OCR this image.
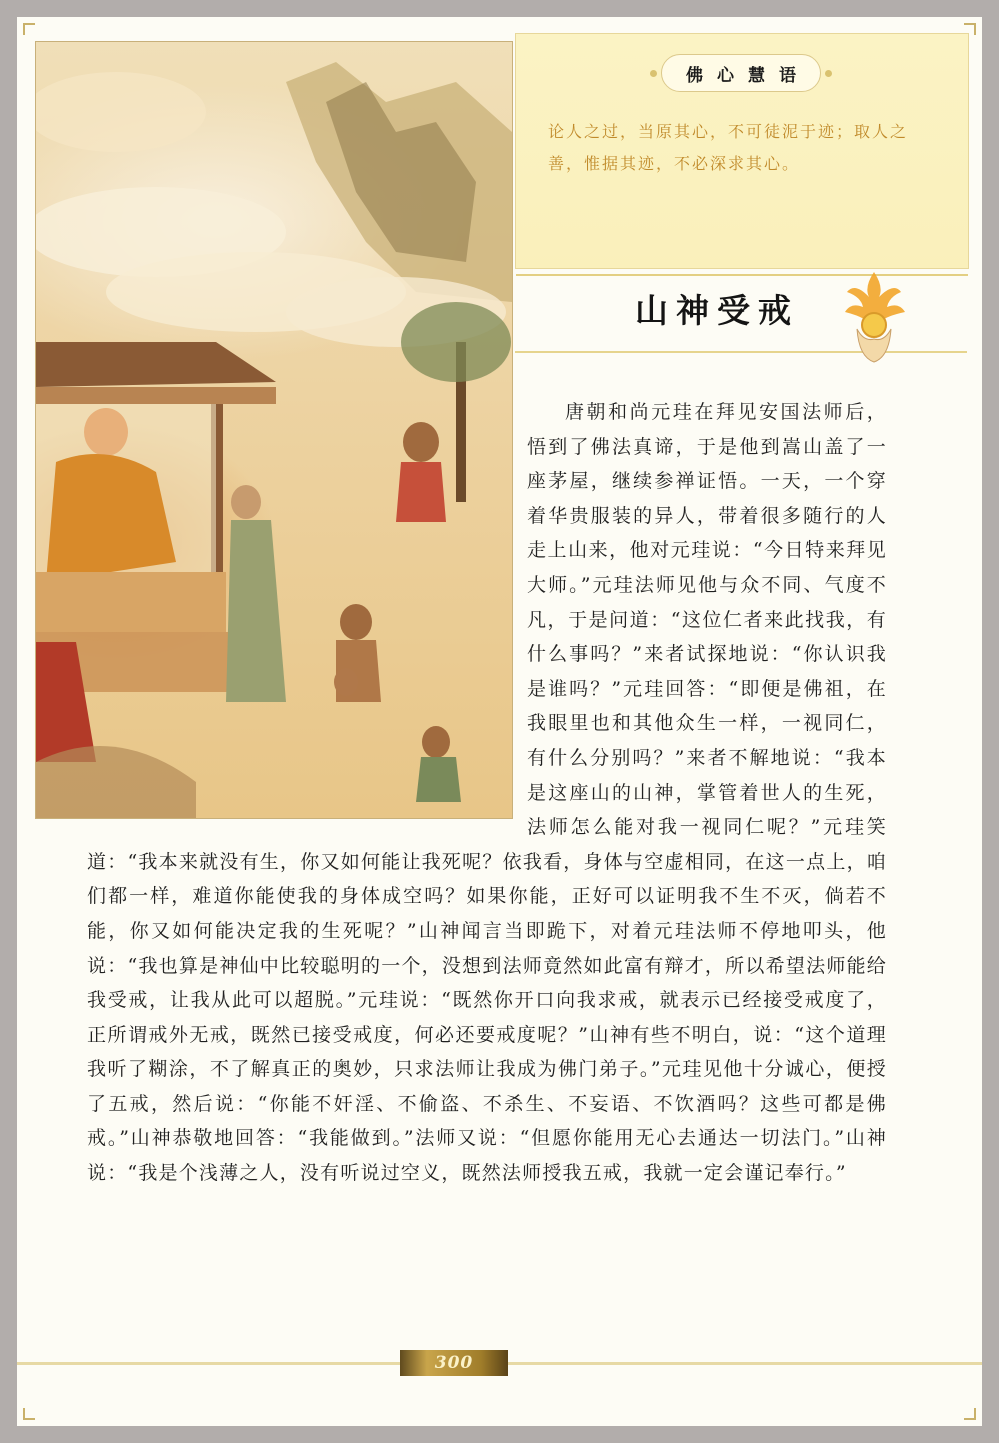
佛心慧语
论人之过，当原其心，不可徒泥于迹；取人之善，惟据其迹，不必深求其心。
山神受戒

唐朝和尚元珪在拜见安国法师后，悟到了佛法真谛，于是他到嵩山盖了一座茅屋，继续参禅证悟。一天，一个穿着华贵服装的异人，带着很多随行的人走上山来，他对元珪说：“今日特来拜见大师。”元珪法师见他与众不同、气度不凡，于是问道：“这位仁者来此找我，有什么事吗？”来者试探地说：“你认识我是谁吗？”元珪回答：“即便是佛祖，在我眼里也和其他众生一样，一视同仁，有什么分别吗？”来者不解地说：“我本是这座山的山神，掌管着世人的生死，法师怎么能对我一视同仁呢？”元珪笑道：“我本来就没有生，你又如何能让我死呢？依我看，身体与空虚相同，在这一点上，咱们都一样，难道你能使我的身体成空吗？如果你能，正好可以证明我不生不灭，倘若不能，你又如何能决定我的生死呢？”山神闻言当即跪下，对着元珪法师不停地叩头，他说：“我也算是神仙中比较聪明的一个，没想到法师竟然如此富有辩才，所以希望法师能给我受戒，让我从此可以超脱。”元珪说：“既然你开口向我求戒，就表示已经接受戒度了，正所谓戒外无戒，既然已接受戒度，何必还要戒度呢？”山神有些不明白，说：“这个道理我听了糊涂，不了解真正的奥妙，只求法师让我成为佛门弟子。”元珪见他十分诚心，便授了五戒，然后说：“你能不奸淫、不偷盗、不杀生、不妄语、不饮酒吗？这些可都是佛戒。”山神恭敬地回答：“我能做到。”法师又说：“但愿你能用无心去通达一切法门。”山神说：“我是个浅薄之人，没有听说过空义，既然法师授我五戒，我就一定会谨记奉行。”

300
